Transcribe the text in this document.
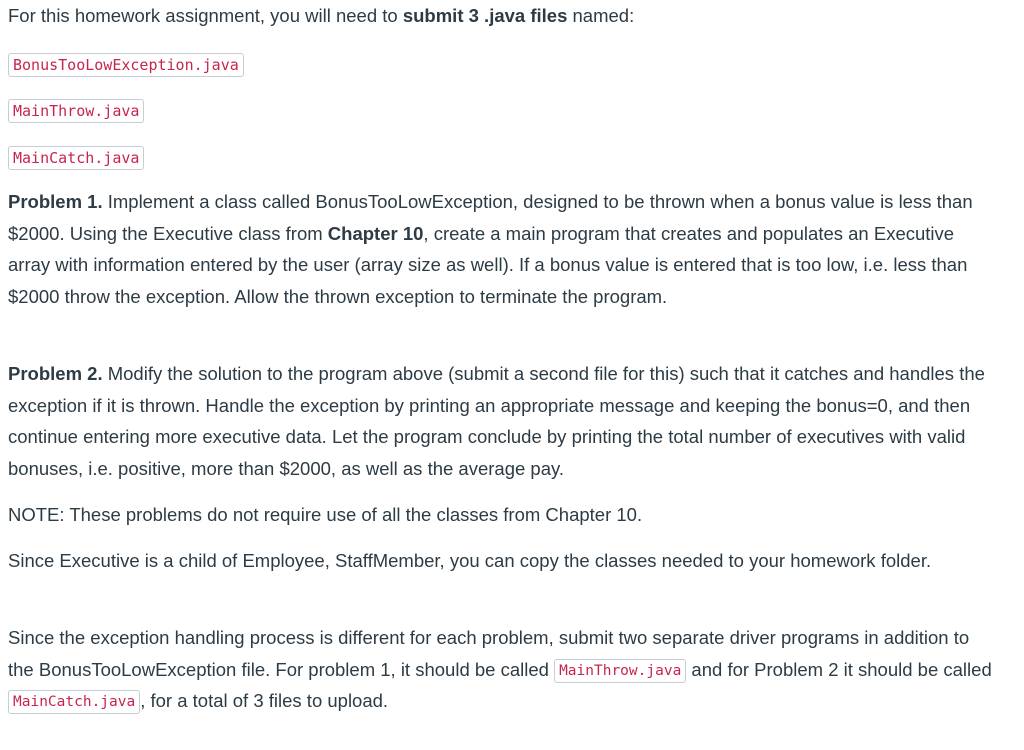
For this homework assignment, you will need to submit 3 .java files named:

BonusTooLowException.java

MainThrow.java

MainCatch.java

Problem 1. Implement a class called BonusTooLowException, designed to be thrown when a bonus value is less than $2000. Using the Executive class from Chapter 10, create a main program that creates and populates an Executive array with information entered by the user (array size as well). If a bonus value is entered that is too low, i.e. less than $2000 throw the exception. Allow the thrown exception to terminate the program.

Problem 2. Modify the solution to the program above (submit a second file for this) such that it catches and handles the exception if it is thrown. Handle the exception by printing an appropriate message and keeping the bonus=0, and then continue entering more executive data. Let the program conclude by printing the total number of executives with valid bonuses, i.e. positive, more than $2000, as well as the average pay.

NOTE: These problems do not require use of all the classes from Chapter 10.

Since Executive is a child of Employee, StaffMember, you can copy the classes needed to your homework folder.

Since the exception handling process is different for each problem, submit two separate driver programs in addition to the BonusTooLowException file. For problem 1, it should be called MainThrow.java and for Problem 2 it should be called MainCatch.java , for a total of 3 files to upload.
